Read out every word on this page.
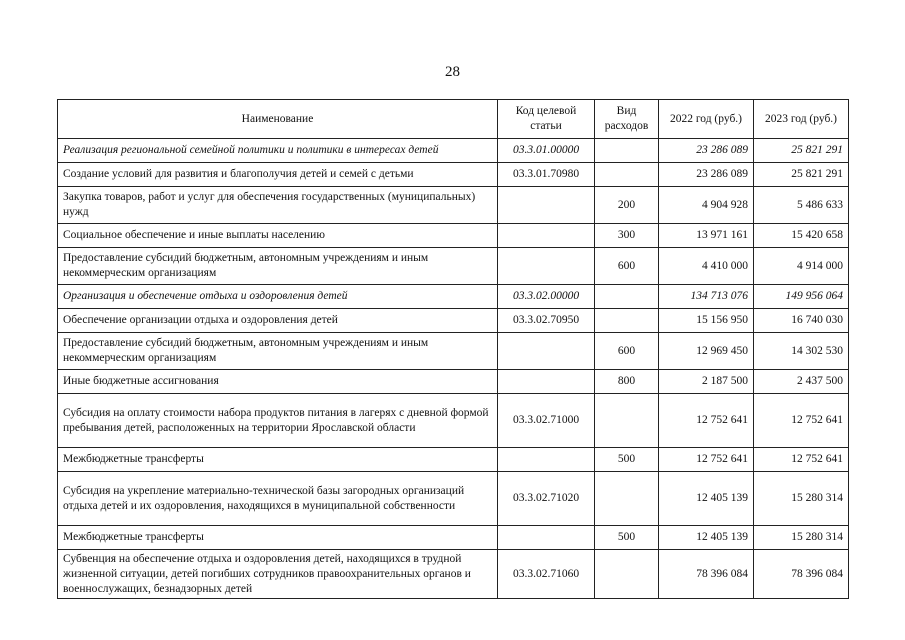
28
Наименование	Код целевой статьи	Вид расходов	2022 год (руб.)	2023 год (руб.)
Реализация региональной семейной политики и политики в интересах детей	03.3.01.00000		23 286 089	25 821 291
Создание условий для развития и благополучия детей и семей с детьми	03.3.01.70980		23 286 089	25 821 291
Закупка товаров, работ и услуг для обеспечения государственных (муниципальных) нужд		200	4 904 928	5 486 633
Социальное обеспечение и иные выплаты населению		300	13 971 161	15 420 658
Предоставление субсидий бюджетным, автономным учреждениям и иным некоммерческим организациям		600	4 410 000	4 914 000
Организация и обеспечение отдыха и оздоровления детей	03.3.02.00000		134 713 076	149 956 064
Обеспечение организации отдыха и оздоровления детей	03.3.02.70950		15 156 950	16 740 030
Предоставление субсидий бюджетным, автономным учреждениям и иным некоммерческим организациям		600	12 969 450	14 302 530
Иные бюджетные ассигнования		800	2 187 500	2 437 500
Субсидия на оплату стоимости набора продуктов питания в лагерях с дневной формой пребывания детей, расположенных на территории Ярославской области	03.3.02.71000		12 752 641	12 752 641
Межбюджетные трансферты		500	12 752 641	12 752 641
Субсидия на укрепление материально-технической базы загородных организаций отдыха детей и их оздоровления, находящихся в муниципальной собственности	03.3.02.71020		12 405 139	15 280 314
Межбюджетные трансферты		500	12 405 139	15 280 314
Субвенция на обеспечение отдыха и оздоровления детей, находящихся в трудной жизненной ситуации, детей погибших сотрудников правоохранительных органов и военнослужащих, безнадзорных детей	03.3.02.71060		78 396 084	78 396 084
